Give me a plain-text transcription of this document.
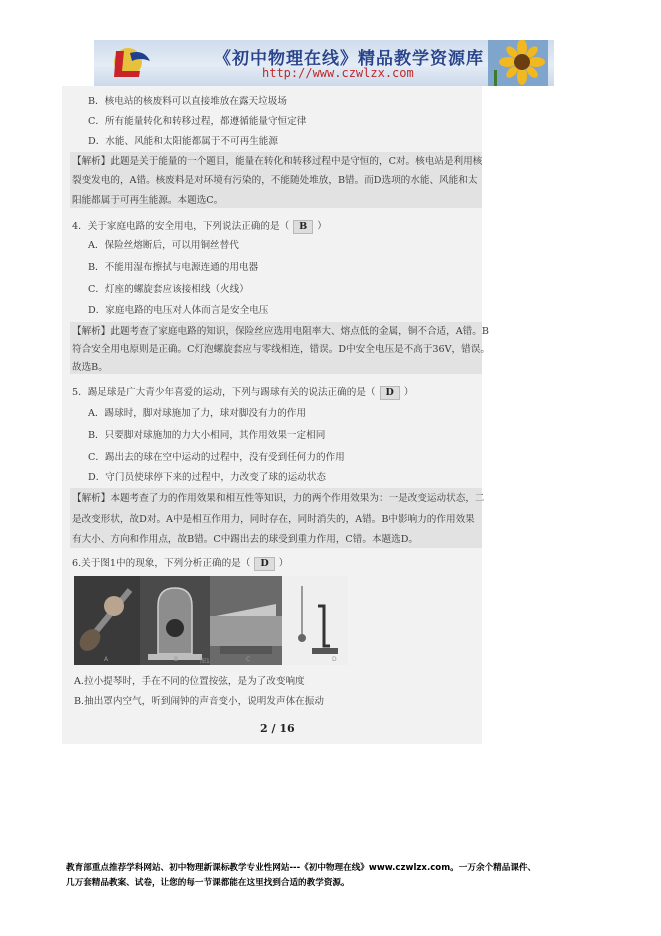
《初中物理在线》精品教学资源库
http://www.czwlzx.com
B．核电站的核废料可以直接堆放在露天垃圾场
C．所有能量转化和转移过程，都遵循能量守恒定律
D．水能、风能和太阳能都属于不可再生能源
【解析】此题是关于能量的一个题目，能量在转化和转移过程中是守恒的，C对。核电站是利用核
裂变发电的，A错。核废料是对环境有污染的，不能随处堆放，B错。而D选项的水能、风能和太
阳能都属于可再生能源。本题选C。
4．关于家庭电路的安全用电，下列说法正确的是（ B ）
A．保险丝熔断后，可以用铜丝替代
B．不能用湿布擦拭与电源连通的用电器
C．灯座的螺旋套应该接相线（火线）
D．家庭电路的电压对人体而言是安全电压
【解析】此题考查了家庭电路的知识，保险丝应选用电阻率大、熔点低的金属，铜不合适，A错。B
符合安全用电原则是正确。C灯泡螺旋套应与零线相连，错误。D中安全电压是不高于36V，错误。
故选B。
5．踢足球是广大青少年喜爱的运动，下列与踢球有关的说法正确的是（ D ）
A．踢球时，脚对球施加了力，球对脚没有力的作用
B．只要脚对球施加的力大小相同，其作用效果一定相同
C．踢出去的球在空中运动的过程中，没有受到任何力的作用
D．守门员使球停下来的过程中，力改变了球的运动状态
【解析】本题考查了力的作用效果和相互性等知识，力的两个作用效果为：一是改变运动状态，二
是改变形状，故D对。A中是相互作用力，同时存在，同时消失的，A错。B中影响力的作用效果
有大小、方向和作用点，故B错。C中踢出去的球受到重力作用，C错。本题选D。
6.关于图1中的现象，下列分析正确的是（ D ）
A	B	C	D
图1
A.拉小提琴时，手在不同的位置按弦，是为了改变响度
B.抽出罩内空气，听到闹钟的声音变小，说明发声体在振动
2 / 16
教育部重点推荐学科网站、初中物理新课标教学专业性网站---《初中物理在线》www.czwlzx.com。一万余个精品课件、
几万套精品教案、试卷，让您的每一节课都能在这里找到合适的教学资源。
